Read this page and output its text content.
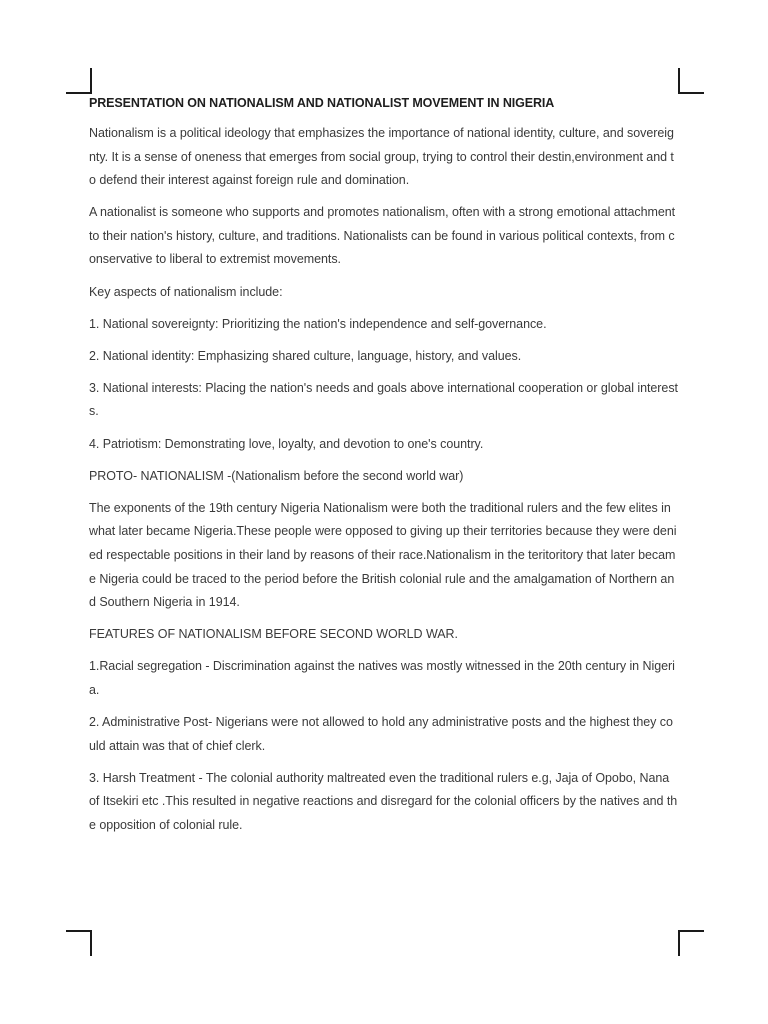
PRESENTATION ON NATIONALISM AND NATIONALIST MOVEMENT IN NIGERIA

Nationalism is a political ideology that emphasizes the importance of national identity, culture, and sovereignty. It is a sense of oneness that emerges from social group, trying to control their destin,environment and to defend their interest against foreign rule and domination.

A nationalist is someone who supports and promotes nationalism, often with a strong emotional attachment to their nation's history, culture, and traditions. Nationalists can be found in various political contexts, from conservative to liberal to extremist movements.

Key aspects of nationalism include:

1. National sovereignty: Prioritizing the nation's independence and self-governance.

2. National identity: Emphasizing shared culture, language, history, and values.

3. National interests: Placing the nation's needs and goals above international cooperation or global interests.

4. Patriotism: Demonstrating love, loyalty, and devotion to one's country.

PROTO- NATIONALISM -(Nationalism before the second world war)

The exponents of the 19th century Nigeria Nationalism were both the traditional rulers and the few elites in what later became Nigeria.These people were opposed to giving up their territories because they were denied respectable positions in their land by reasons of their race.Nationalism in the teritoritory that later became Nigeria could be traced to the period before the British colonial rule and the amalgamation of Northern and Southern Nigeria in 1914.

FEATURES OF NATIONALISM BEFORE SECOND WORLD WAR.

1.Racial segregation - Discrimination against the natives was mostly witnessed in the 20th century in Nigeria.

2. Administrative Post- Nigerians were not allowed to hold any administrative posts and the highest they could attain was that of chief clerk.

3. Harsh Treatment - The colonial authority maltreated even the traditional rulers e.g, Jaja of Opobo, Nana of Itsekiri etc .This resulted in negative reactions and disregard for the colonial officers by the natives and the opposition of colonial rule.
